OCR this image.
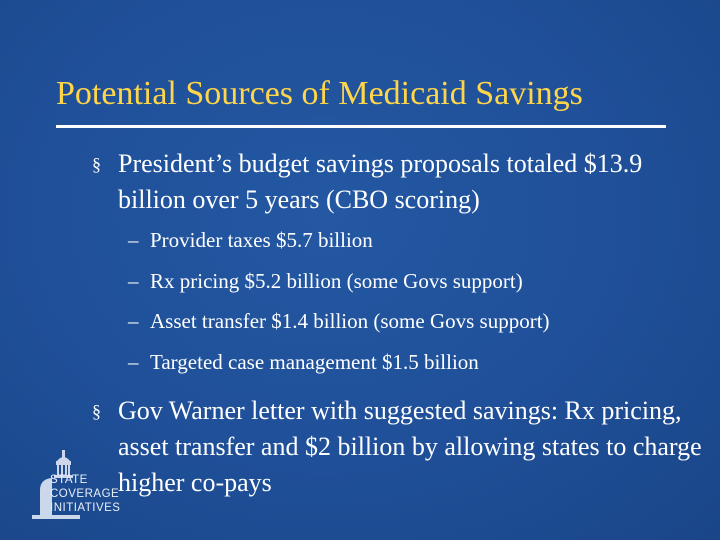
Potential Sources of Medicaid Savings
§ President’s budget savings proposals totaled $13.9 billion over 5 years (CBO scoring)
– Provider taxes $5.7 billion
– Rx pricing $5.2 billion (some Govs support)
– Asset transfer $1.4 billion (some Govs support)
– Targeted case management $1.5 billion
STATE
COVERAGE
INITIATIVES
§ Gov Warner letter with suggested savings: Rx pricing, asset transfer and $2 billion by allowing states to charge higher co-pays
